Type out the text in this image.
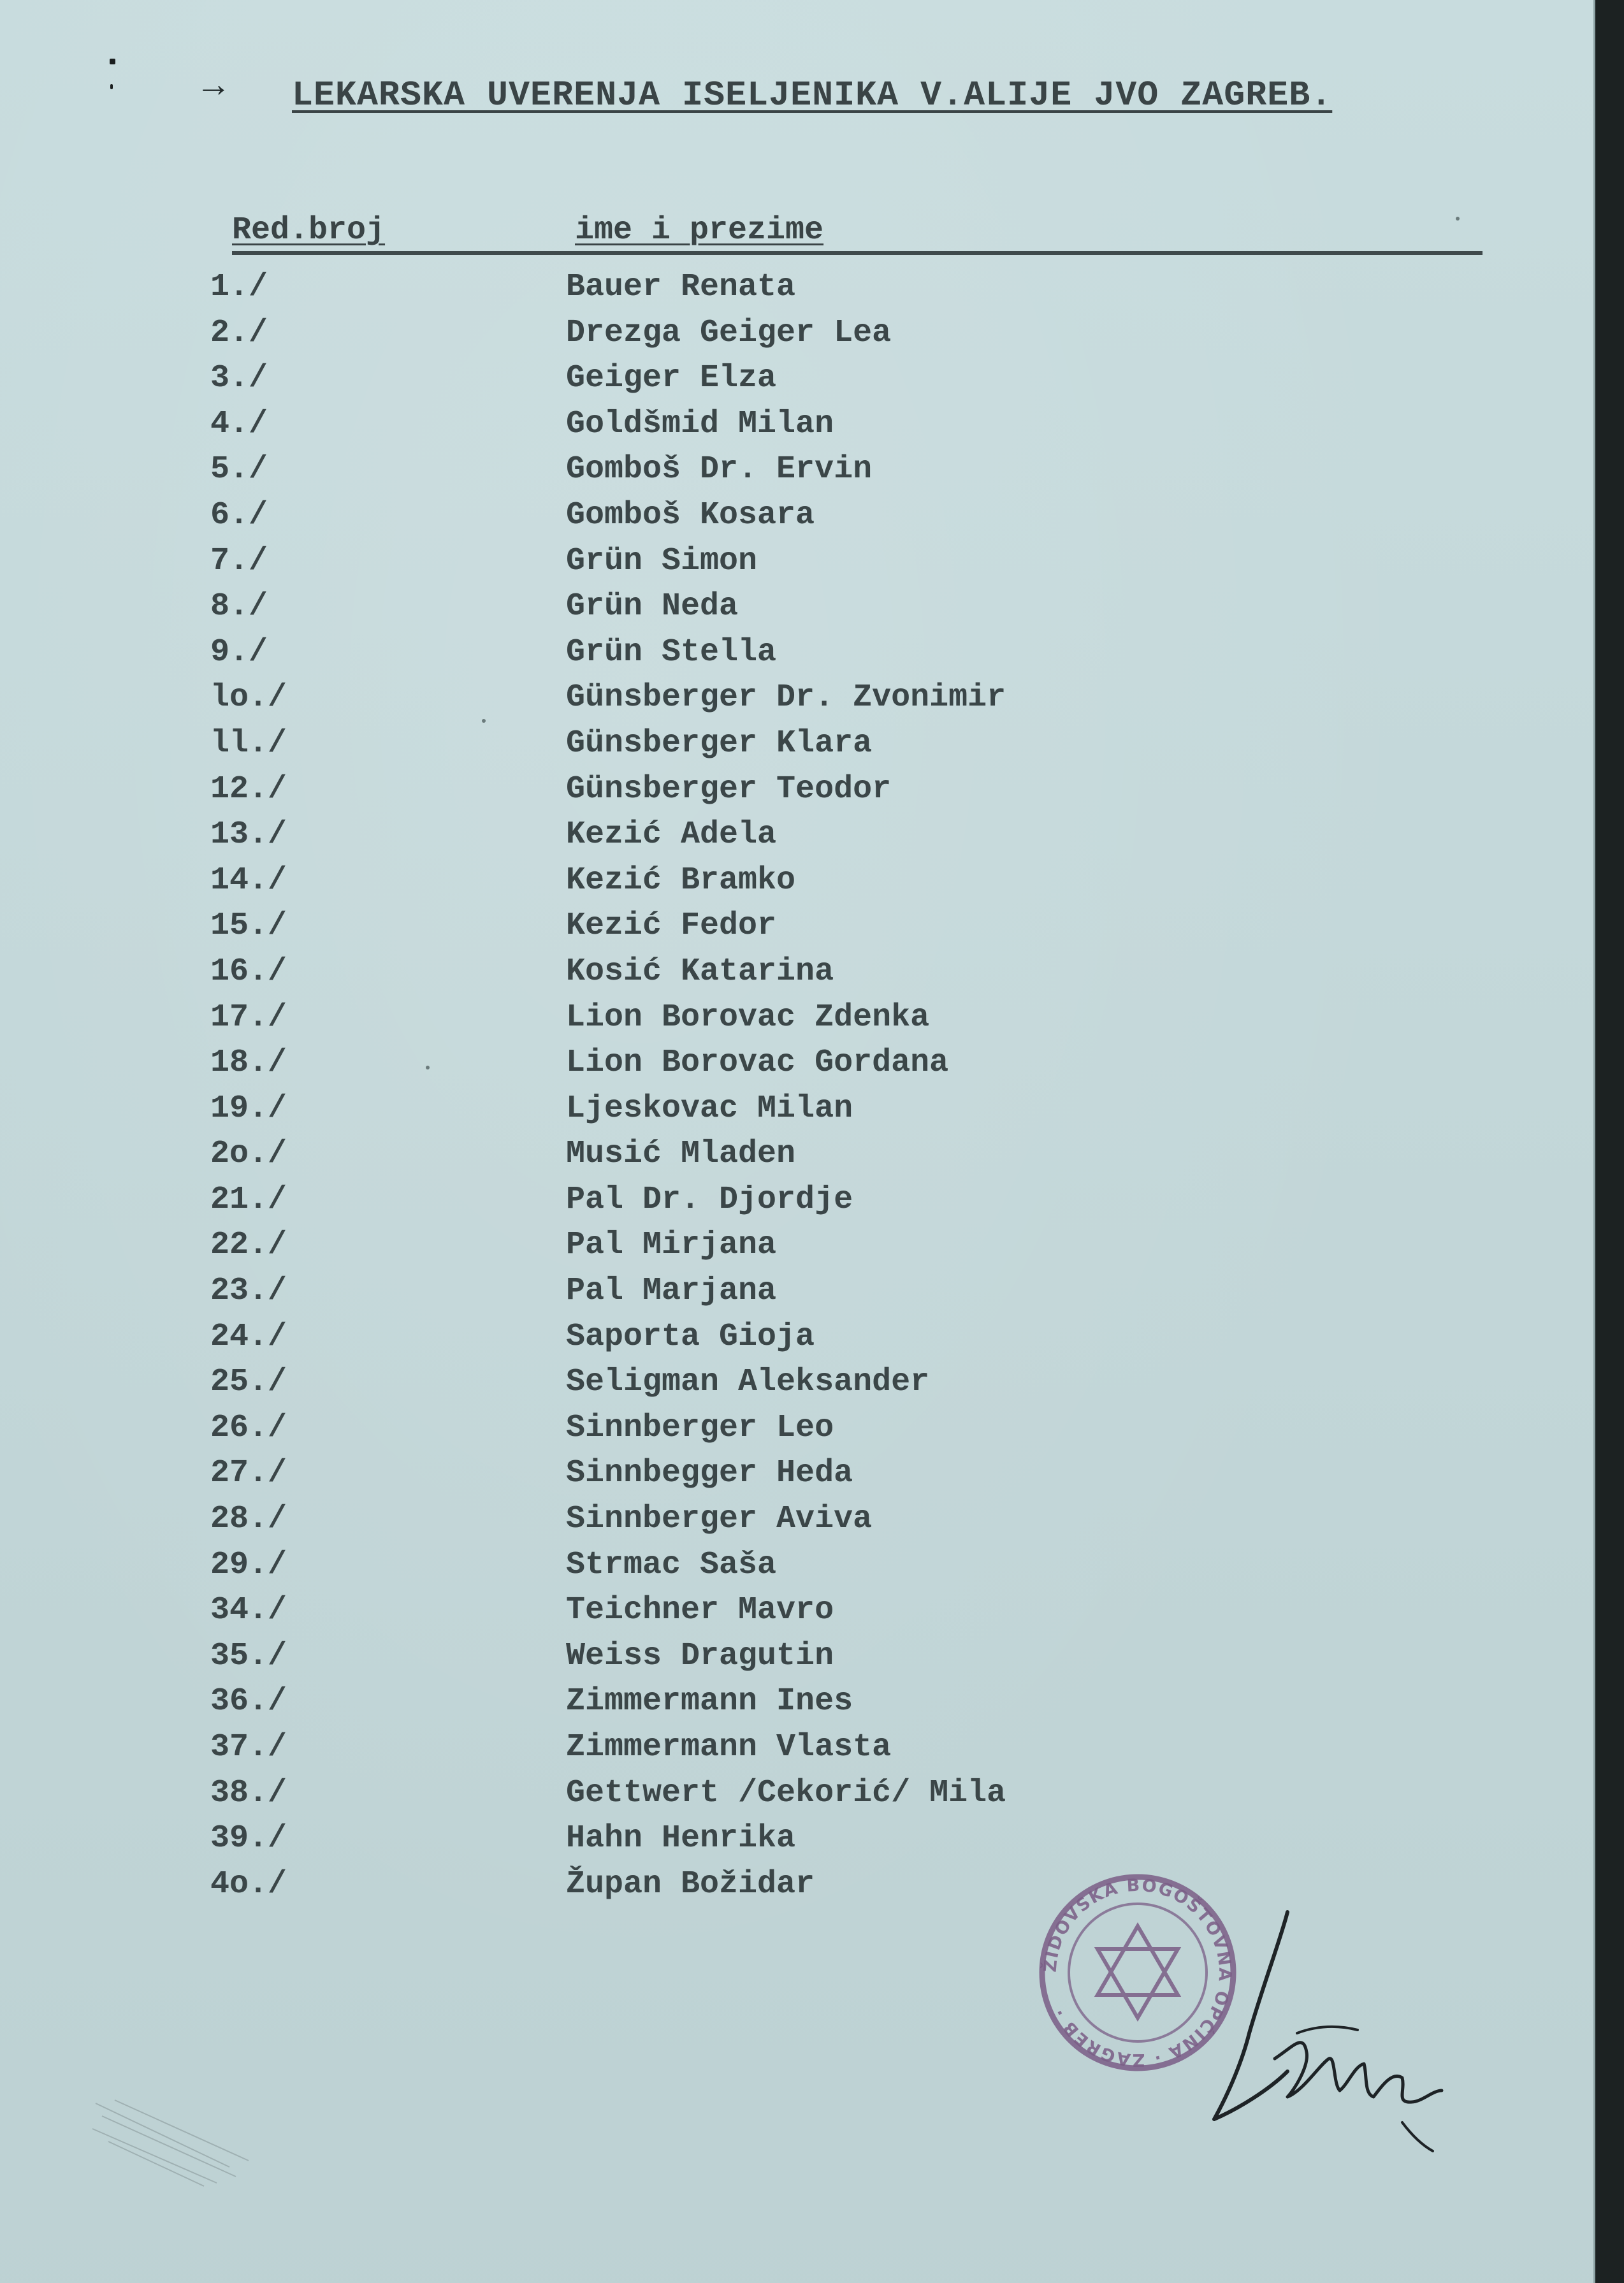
→ LEKARSKA UVERENJA ISELJENIKA V.ALIJE JVO ZAGREB.
Red.broj	ime i prezime
1./	Bauer Renata
2./	Drezga Geiger Lea
3./	Geiger Elza
4./	Goldšmid Milan
5./	Gomboš Dr. Ervin
6./	Gomboš Kosara
7./	Grün Simon
8./	Grün Neda
9./	Grün Stella
lo./	Günsberger Dr. Zvonimir
ll./	Günsberger Klara
12./	Günsberger Teodor
13./	Kezić Adela
14./	Kezić Bramko
15./	Kezić Fedor
16./	Kosić Katarina
17./	Lion Borovac Zdenka
18./	Lion Borovac Gordana
19./	Ljeskovac Milan
2o./	Musić Mladen
21./	Pal Dr. Djordje
22./	Pal Mirjana
23./	Pal Marjana
24./	Saporta Gioja
25./	Seligman Aleksander
26./	Sinnberger Leo
27./	Sinnbegger Heda
28./	Sinnberger Aviva
29./	Strmac Saša
34./	Teichner Mavro
35./	Weiss Dragutin
36./	Zimmermann Ines
37./	Zimmermann Vlasta
38./	Gettwert /Cekorić/ Mila
39./	Hahn Henrika
4o./	Župan Božidar
ŽIDOVSKA BOGOŠTOVNA OPĆINA · ZAGREB ·
